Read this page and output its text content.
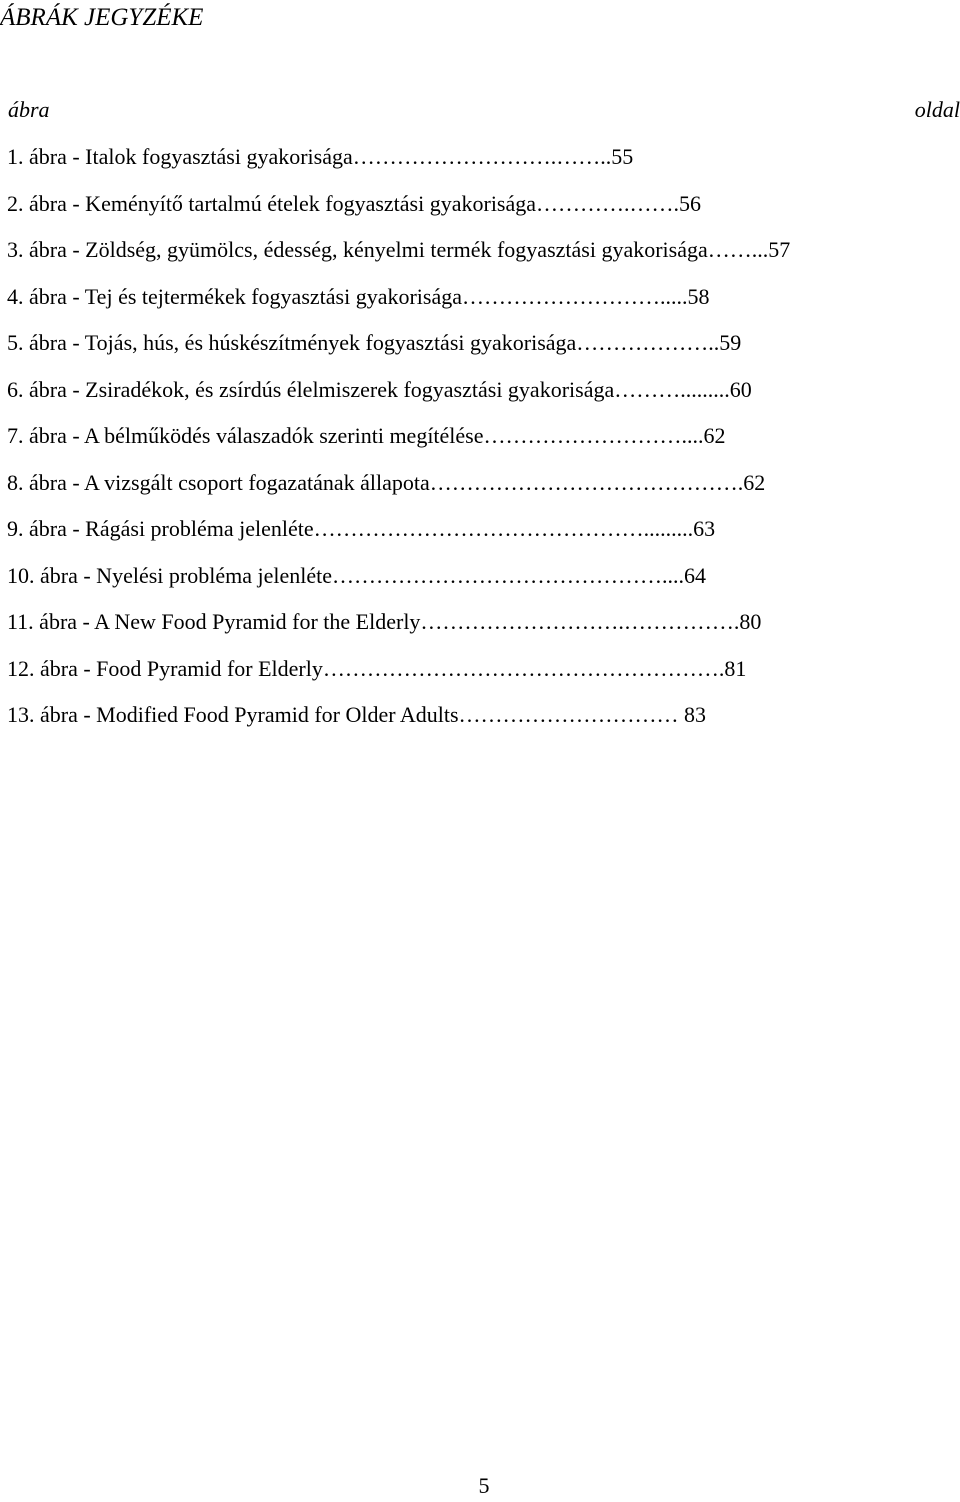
ÁBRÁK JEGYZÉKE
ábra	oldal
1. ábra - Italok fogyasztási gyakorisága……………………….……..55
2. ábra - Keményítő tartalmú ételek fogyasztási gyakorisága………….…….56
3. ábra - Zöldség, gyümölcs, édesség, kényelmi termék fogyasztási gyakorisága……...57
4. ábra - Tej és tejtermékek fogyasztási gyakorisága……………………….....58
5. ábra - Tojás, hús, és húskészítmények fogyasztási gyakorisága………………..59
6. ábra - Zsiradékok, és zsírdús élelmiszerek fogyasztási gyakorisága……….........60
7. ábra - A bélműködés válaszadók szerinti megítélése………………………....62
8. ábra - A vizsgált csoport fogazatának állapota…………………………………….62
9. ábra - Rágási probléma jelenléte……………………………………….........63
10. ábra - Nyelési probléma jelenléte………………………………………....64
11. ábra - A New Food Pyramid for the Elderly……………………….…………….80
12. ábra - Food Pyramid for Elderly……………………………………………….81
13. ábra - Modified Food Pyramid for Older Adults………………………… 83
5
